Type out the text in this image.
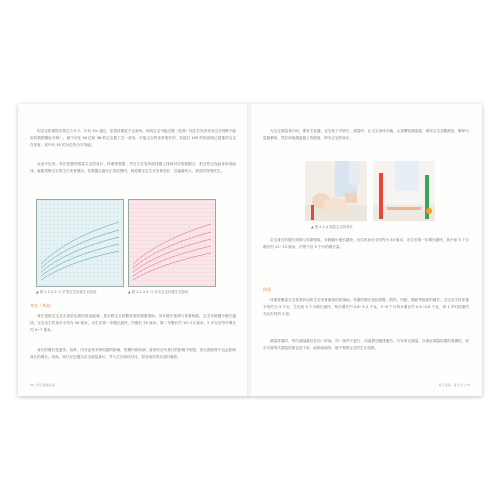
的宝宝体重很容易过个月不，只有 3% 超过，如果体重低于这条线，说明宝宝可能过瘦（营养）如生长发育状况过分判断不能用的数据图标分明）。最不可在 36 位和 98 的宝宝数了这一条线，可能宝宝的发育很好的，若超过 100 的则说明已超重的宝宝在发育，其中有 30 的分位线为平均值。

从表中出发，每次把婴幼测量宝宝的身长、体重等数据，并在生长发育曲线图上找到对应的数据点，把这些点连起来形成曲线，就能判断宝宝的生长发育情况。若数据点落在正常范围内，则说明宝宝生长发育良好；若偏离较大，需及时咨询医生。

▲ 图 2-1-2 0~2 岁男宝宝体重生长曲线	▲ 图 2-1-3 0~2 岁女宝宝体重生长曲线

身长（身高）

身长是指宝宝从头顶至足底的垂直距离，是反映宝宝骨骼发育的重要指标。身长增长规律与体重相似，宝宝年龄越小增长越快。宝宝出生时身长平均为 50 厘米，出生后第一年增长最快，约增长 25 厘米；第二年增长约 10~12 厘米；2 岁以后每年增长约 5~7 厘米。

身长的增长受遗传、营养、内分泌等多种因素的影响，短期内的疾病、营养状况对身长的影响不明显，但长期营养不良会影响身长的增长。因此，家长应定期为宝宝测量身长，并与生长曲线对比，如发现异常应及时就医。

32 | 育儿健康指南

为宝宝测量身长时，要有专业器，宝宝处于平卧位，测量时，让宝宝身体平躺，头顶紧贴测量板，保持宝宝双腿伸直，脚掌与量板紧贴，然后读取测量板上的数值，即为宝宝的身长。

▲ 图 2-1-4 测量宝宝的身长

宝宝身长的增长规律与体重相似，年龄越小增长越快。出生时身长平均约为 50 厘米，出生后第一年增长最快，其中前 3 个月增长约 11~13 厘米，约等于后 9 个月的增长量。

体重

体重是衡量宝宝营养状况和生长发育最常用的指标。体重的增长包括骨骼、肌肉、内脏、脂肪等组织的增长。宝宝出生时体重平均约为 3 千克，生后前 3 个月增长最快，每月增长约 0.8~1.2 千克；3~6 个月每月增长约 0.5~0.6 千克，到 1 岁时体重约为出生时的 3 倍。

测量体重时，每次测量最好在同一时间、同一条件下进行，如清晨空腹排便后，只穿单衣测量，以保证测量结果的准确性。家长可将每次测量结果记录下来，绘制成曲线，便于观察宝宝的生长趋势。

育儿指南 · 第 2 章 | 33
